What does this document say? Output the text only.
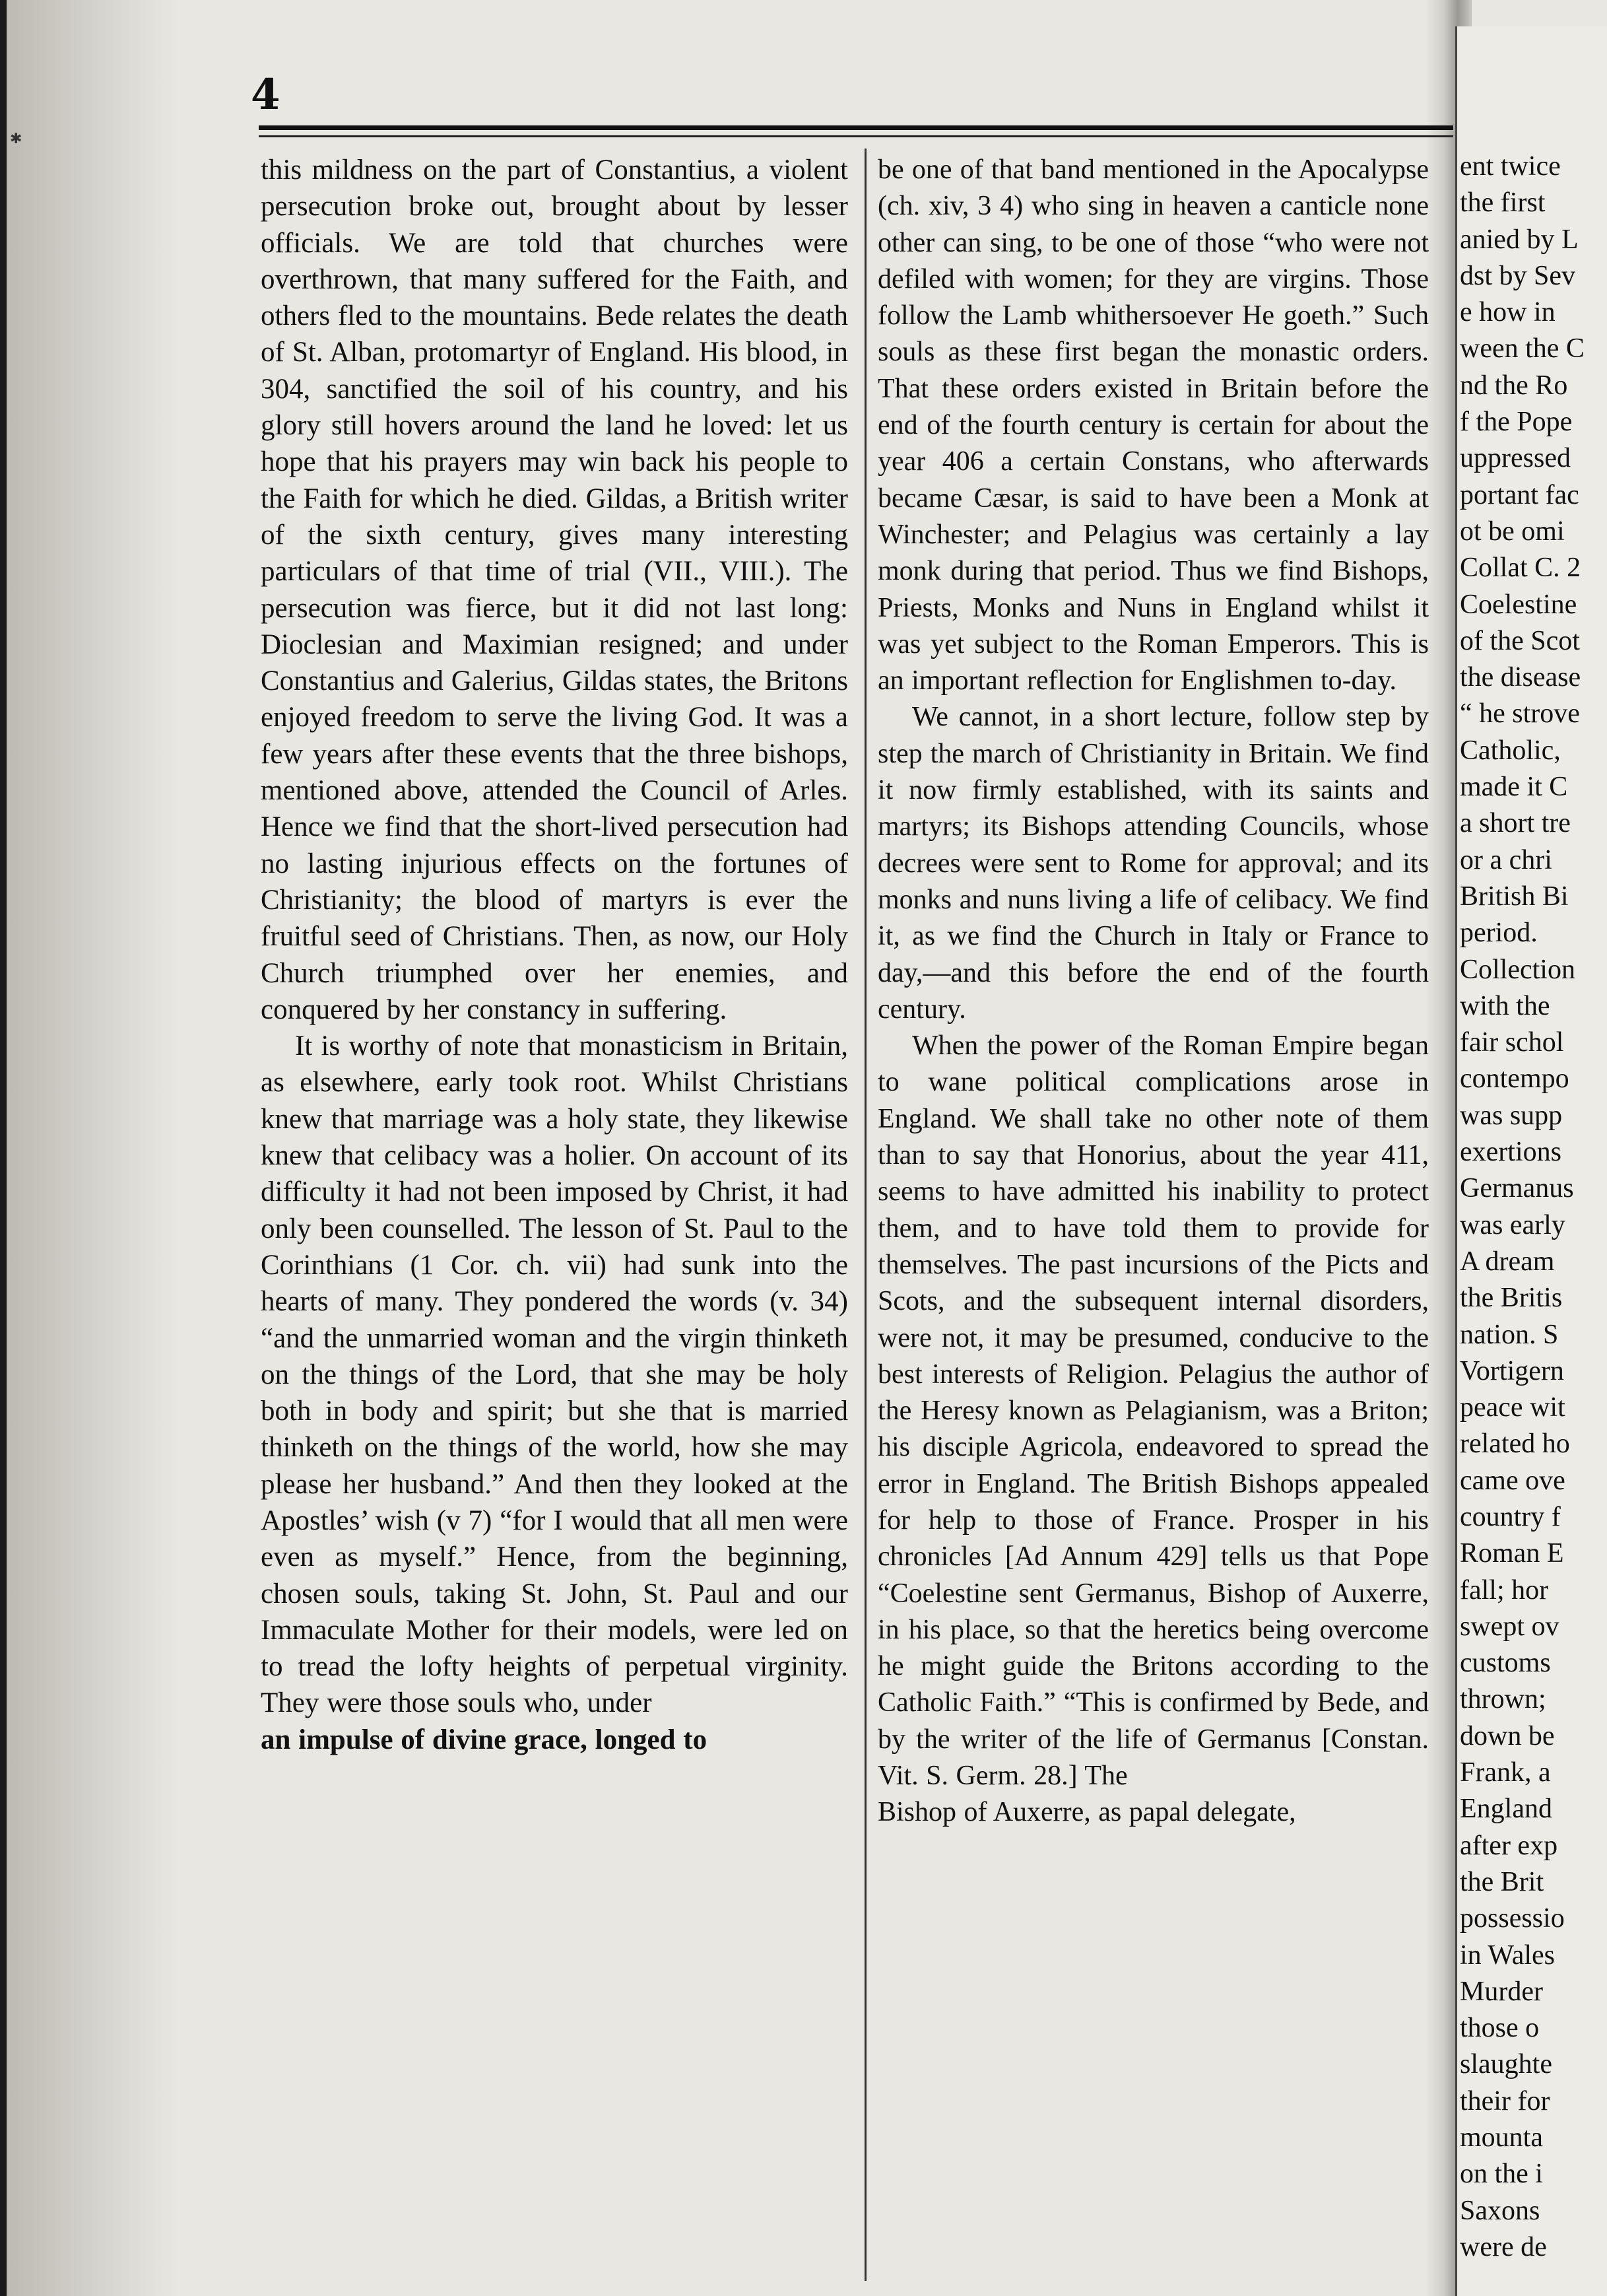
✱
4

this mildness on the part of Constantius, a violent persecution broke out, brought about by lesser officials. We are told that churches were overthrown, that many suffered for the Faith, and others fled to the mountains. Bede relates the death of St. Alban, protomartyr of England. His blood, in 304, sanctified the soil of his country, and his glory still hovers around the land he loved: let us hope that his prayers may win back his people to the Faith for which he died. Gildas, a British writer of the sixth century, gives many interesting particulars of that time of trial (VII., VIII.). The persecution was fierce, but it did not last long: Dioclesian and Maximian resigned; and under Constantius and Galerius, Gildas states, the Britons enjoyed freedom to serve the living God. It was a few years after these events that the three bishops, mentioned above, attended the Council of Arles. Hence we find that the short-lived persecution had no lasting injurious effects on the fortunes of Christianity; the blood of martyrs is ever the fruitful seed of Christians. Then, as now, our Holy Church triumphed over her enemies, and conquered by her constancy in suffering.

It is worthy of note that monasticism in Britain, as elsewhere, early took root. Whilst Christians knew that marriage was a holy state, they likewise knew that celibacy was a holier. On account of its difficulty it had not been imposed by Christ, it had only been counselled. The lesson of St. Paul to the Corinthians (1 Cor. ch. vii) had sunk into the hearts of many. They pondered the words (v. 34) “and the unmarried woman and the virgin thinketh on the things of the Lord, that she may be holy both in body and spirit; but she that is married thinketh on the things of the world, how she may please her husband.” And then they looked at the Apostles’ wish (v 7) “for I would that all men were even as myself.” Hence, from the beginning, chosen souls, taking St. John, St. Paul and our Immaculate Mother for their models, were led on to tread the lofty heights of perpetual virginity. They were those souls who, under

an impulse of divine grace, longed to

be one of that band mentioned in the Apocalypse (ch. xiv, 3 4) who sing in heaven a canticle none other can sing, to be one of those “who were not defiled with women; for they are virgins. Those follow the Lamb whithersoever He goeth.” Such souls as these first began the monastic orders. That these orders existed in Britain before the end of the fourth century is certain for about the year 406 a certain Constans, who afterwards became Cæsar, is said to have been a Monk at Winchester; and Pelagius was certainly a lay monk during that period. Thus we find Bishops, Priests, Monks and Nuns in England whilst it was yet subject to the Roman Emperors. This is an important reflection for Englishmen to-day.

We cannot, in a short lecture, follow step by step the march of Christianity in Britain. We find it now firmly established, with its saints and martyrs; its Bishops attending Councils, whose decrees were sent to Rome for approval; and its monks and nuns living a life of celibacy. We find it, as we find the Church in Italy or France to day,—and this before the end of the fourth century.

When the power of the Roman Empire began to wane political complications arose in England. We shall take no other note of them than to say that Honorius, about the year 411, seems to have admitted his inability to protect them, and to have told them to provide for themselves. The past incursions of the Picts and Scots, and the subsequent internal disorders, were not, it may be presumed, conducive to the best interests of Religion. Pelagius the author of the Heresy known as Pelagianism, was a Briton; his disciple Agricola, endeavored to spread the error in England. The British Bishops appealed for help to those of France. Prosper in his chronicles [Ad Annum 429] tells us that Pope “Coelestine sent Germanus, Bishop of Auxerre, in his place, so that the heretics being overcome he might guide the Britons according to the Catholic Faith.” “This is confirmed by Bede, and by the writer of the life of Germanus [Constan. Vit. S. Germ. 28.] The

Bishop of Auxerre, as papal delegate,

ent twice
the first
anied by L
dst by Sev
e how in
ween the C
nd the Ro
f the Pope
uppressed
portant fac
ot be omi
Collat C. 2
Coelestine
of the Scot
the disease
“ he strove
Catholic,
made it C
a short tre
or a chri
British Bi
period.
Collection
with the
fair schol
contempo
was supp
exertions
Germanus
was early
A dream
the Britis
nation. S
Vortigern
peace wit
related ho
came ove
country f
Roman E
fall; hor
swept ov
customs
thrown;
down be
Frank, a
England
after exp
the Brit
possessio
in Wales
Murder
those o
slaughte
their for
mounta
on the i
Saxons
were de
